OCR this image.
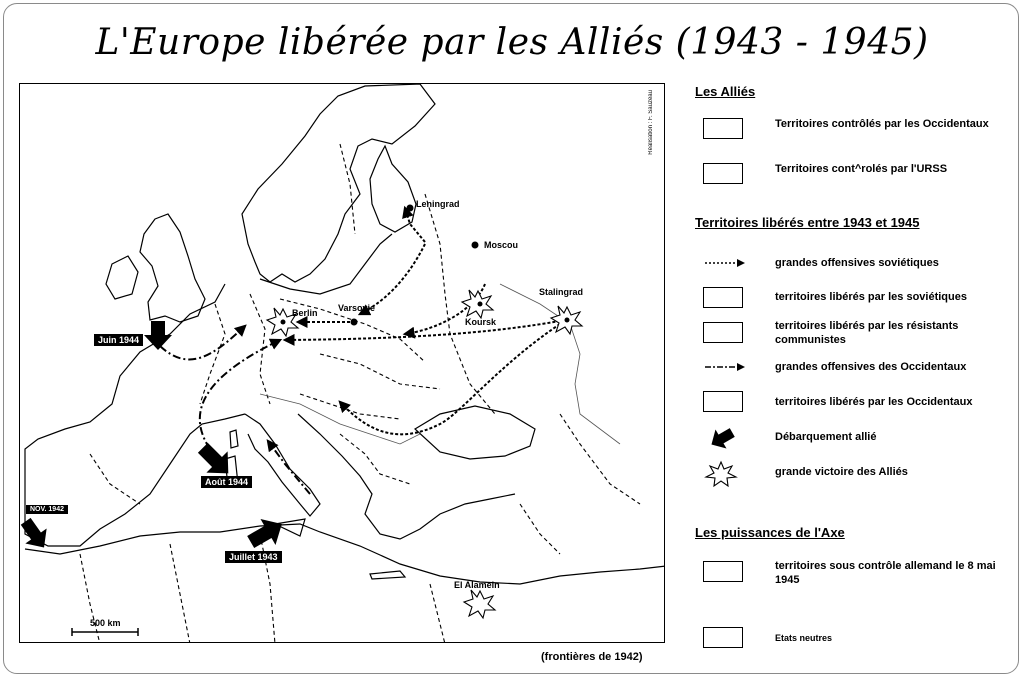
L'Europe libérée par les Alliés (1943 - 1945)
Réalisation : F. Sauzeau
Leningrad
Moscou
Berlin Varsovie
Koursk
Stalingrad
El Alamein
Juin 1944
Août 1944
Juillet 1943
NOV. 1942
500 km
(frontières de 1942)
Les Alliés
Territoires contrôlés par les Occidentaux
Territoires cont^rolés par l'URSS
Territoires libérés entre 1943 et 1945
grandes offensives soviétiques
territoires libérés par les soviétiques
territoires libérés par les résistants communistes
grandes offensives des Occidentaux
territoires libérés par les Occidentaux
Débarquement allié
grande victoire des Alliés
Les puissances de l'Axe
territoires sous contrôle allemand le 8 mai 1945
Etats neutres
